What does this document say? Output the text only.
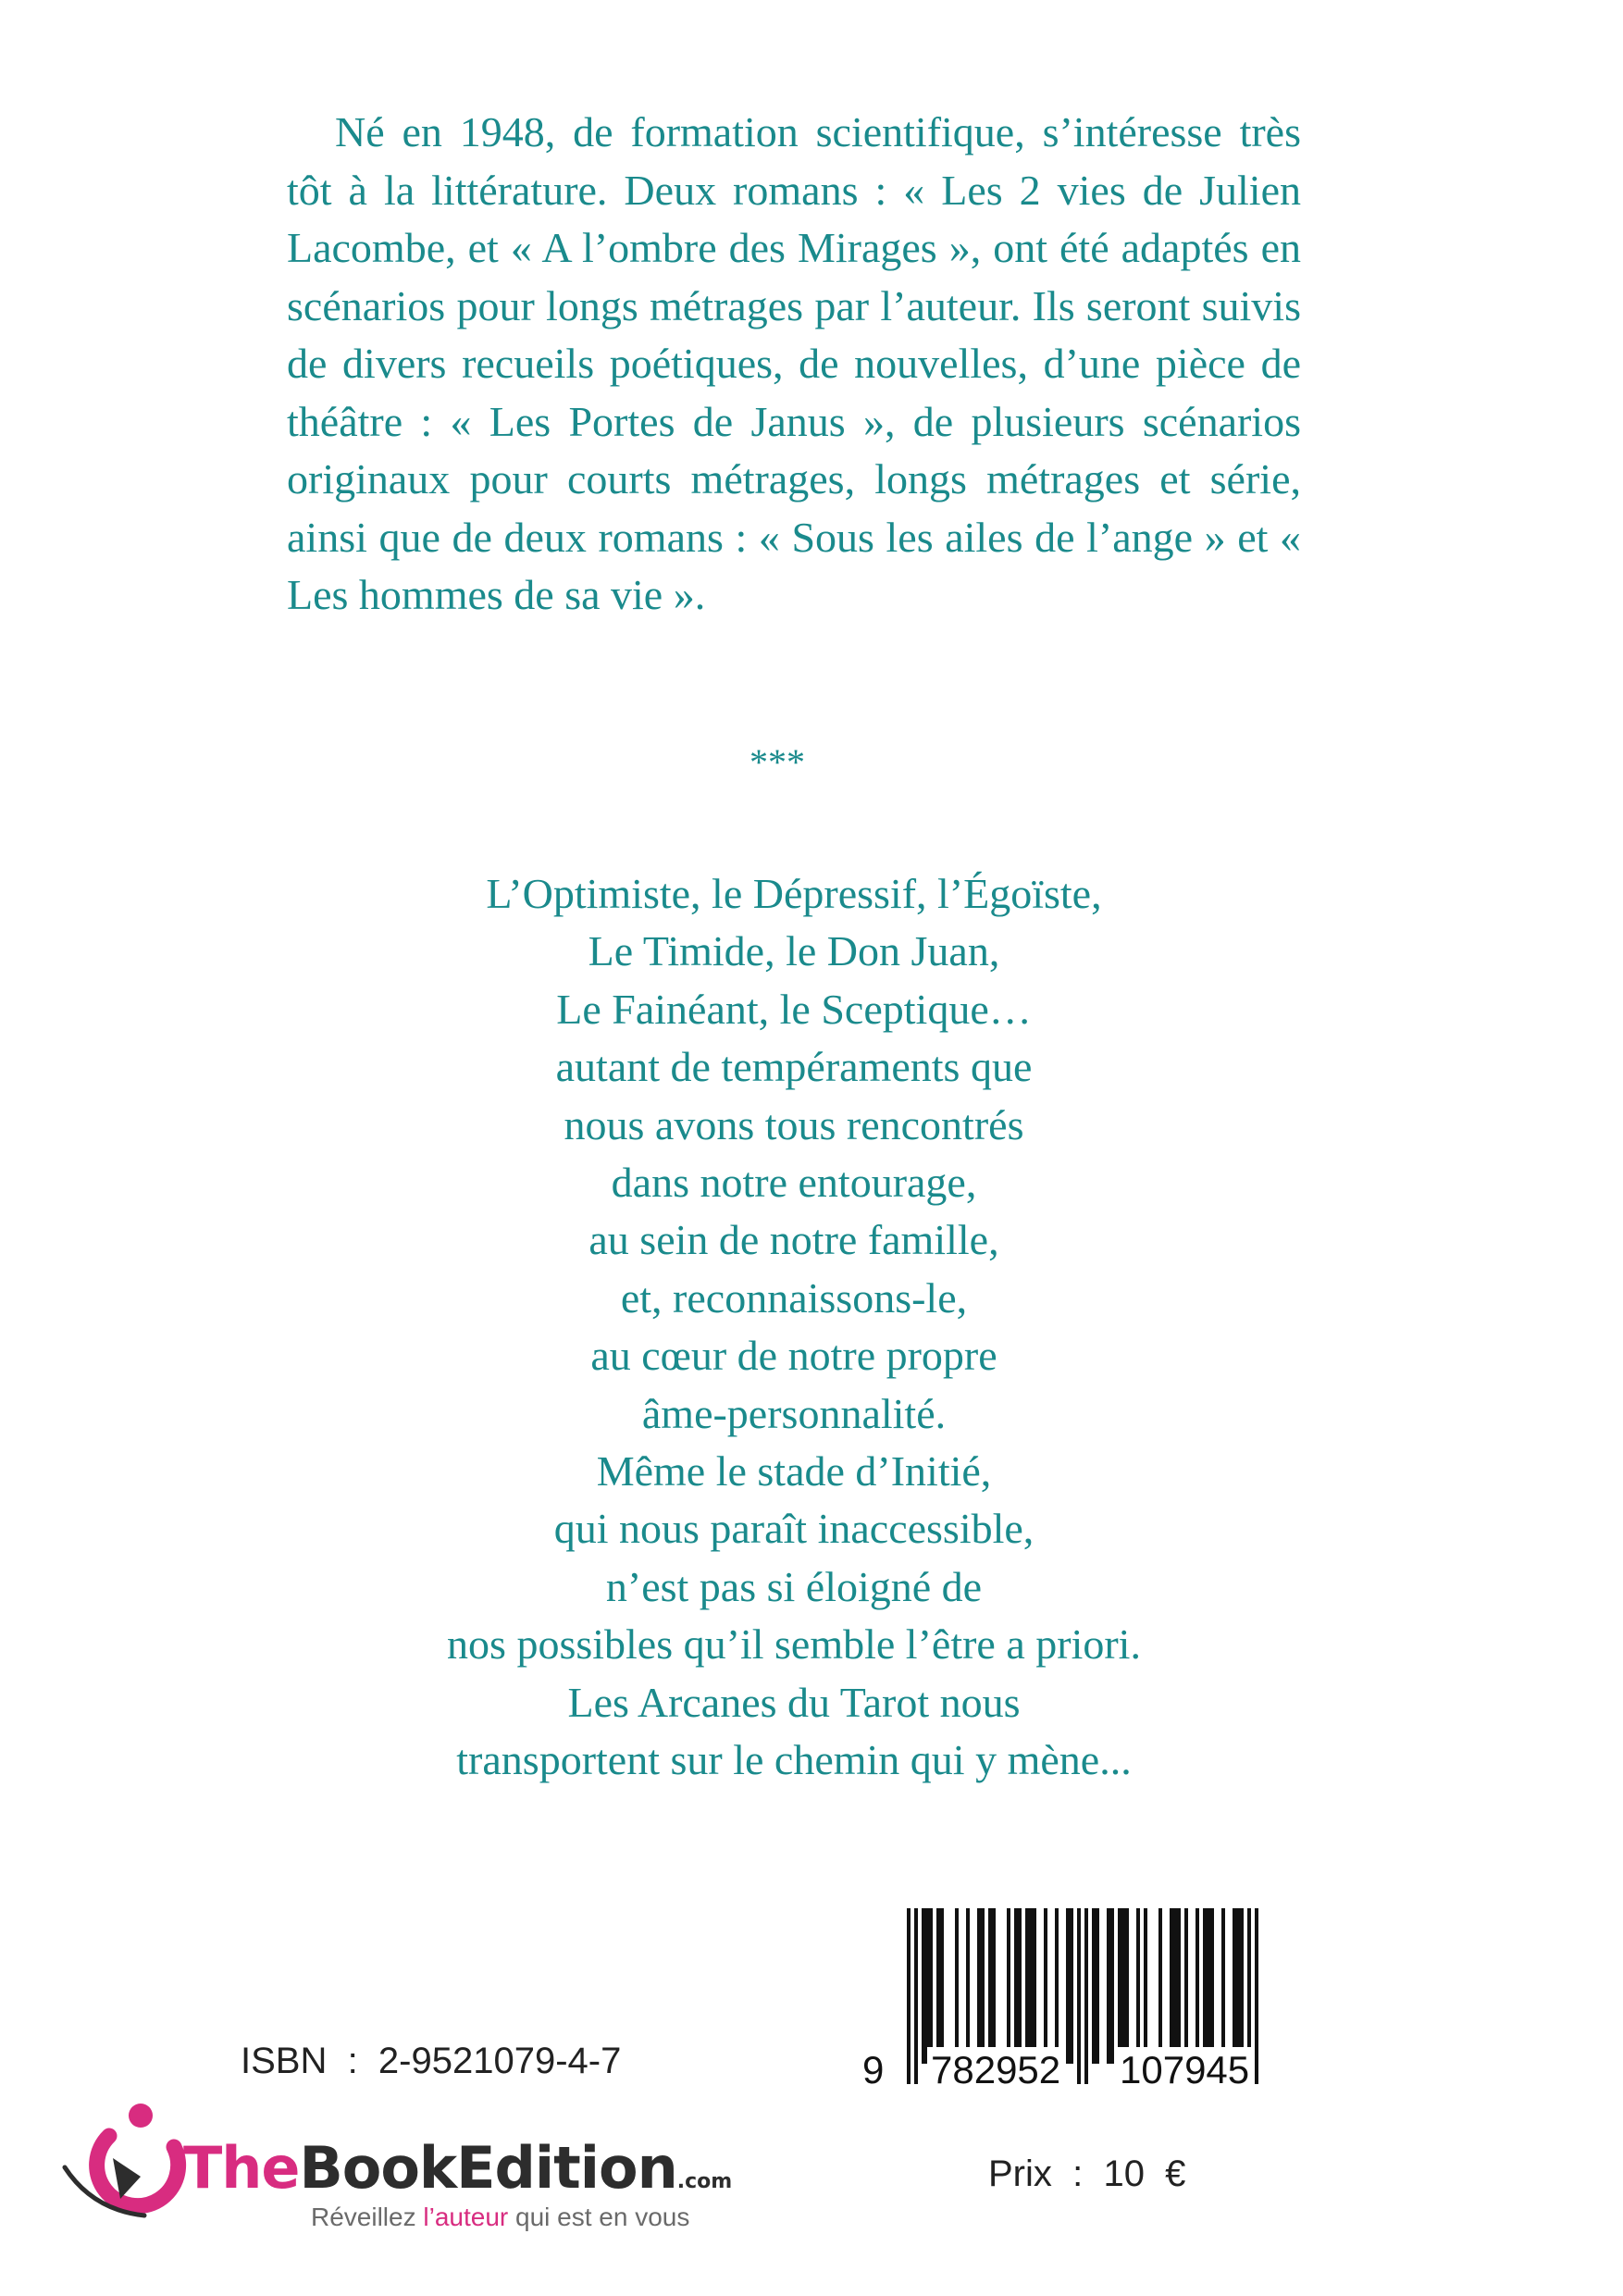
Né en 1948, de formation scientifique, s’intéresse très tôt à la littérature. Deux romans : « Les 2 vies de Julien Lacombe, et « A l’ombre des Mirages », ont été adaptés en scénarios pour longs métrages par l’auteur. Ils seront suivis de divers recueils poétiques, de nouvelles, d’une pièce de théâtre : « Les Portes de Janus », de plusieurs scénarios originaux pour courts métrages, longs métrages et série, ainsi que de deux romans : « Sous les ailes de l’ange » et « Les hommes de sa vie ».

***

L’Optimiste, le Dépressif, l’Égoïste,
Le Timide, le Don Juan,
Le Fainéant, le Sceptique…
autant de tempéraments que
nous avons tous rencontrés
dans notre entourage,
au sein de notre famille,
et, reconnaissons-le,
au cœur de notre propre
âme-personnalité.
Même le stade d’Initié,
qui nous paraît inaccessible,
n’est pas si éloigné de
nos possibles qu’il semble l’être a priori.
Les Arcanes du Tarot nous
transportent sur le chemin qui y mène...
9 782952 107945
ISBN  :  2-9521079-4-7
TheBookEdition.com
Réveillez l’auteur qui est en vous
Prix  :  10  €
